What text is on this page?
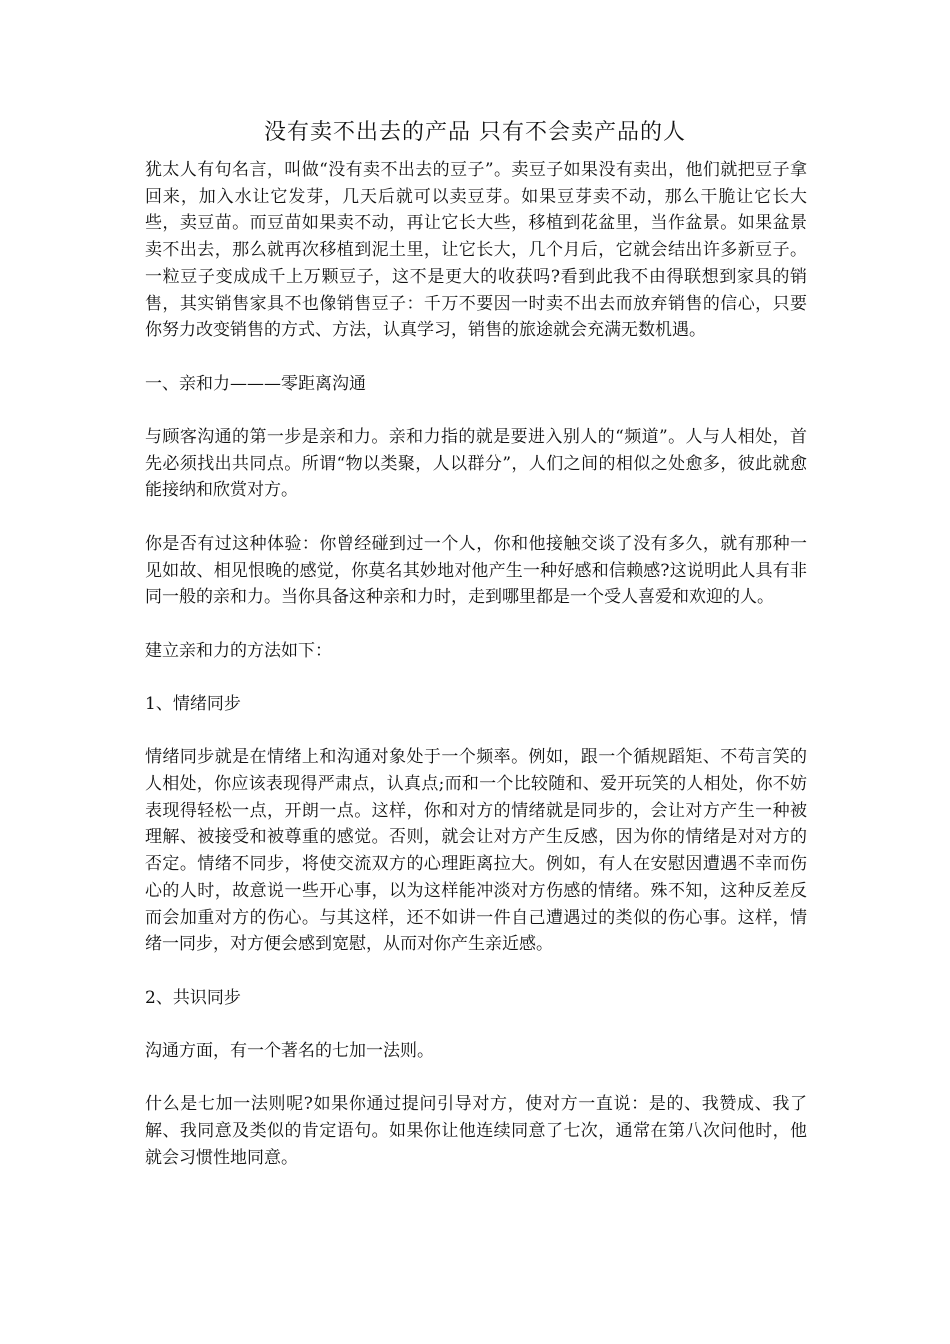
没有卖不出去的产品 只有不会卖产品的人

犹太人有句名言，叫做“没有卖不出去的豆子”。卖豆子如果没有卖出，他们就把豆子拿回来，加入水让它发芽，几天后就可以卖豆芽。如果豆芽卖不动，那么干脆让它长大些，卖豆苗。而豆苗如果卖不动，再让它长大些，移植到花盆里，当作盆景。如果盆景卖不出去，那么就再次移植到泥土里，让它长大，几个月后，它就会结出许多新豆子。一粒豆子变成成千上万颗豆子，这不是更大的收获吗?看到此我不由得联想到家具的销售，其实销售家具不也像销售豆子：千万不要因一时卖不出去而放弃销售的信心，只要你努力改变销售的方式、方法，认真学习，销售的旅途就会充满无数机遇。

一、亲和力———零距离沟通

与顾客沟通的第一步是亲和力。亲和力指的就是要进入别人的“频道”。人与人相处，首先必须找出共同点。所谓“物以类聚，人以群分”，人们之间的相似之处愈多，彼此就愈能接纳和欣赏对方。

你是否有过这种体验：你曾经碰到过一个人，你和他接触交谈了没有多久，就有那种一见如故、相见恨晚的感觉，你莫名其妙地对他产生一种好感和信赖感?这说明此人具有非同一般的亲和力。当你具备这种亲和力时，走到哪里都是一个受人喜爱和欢迎的人。

建立亲和力的方法如下：

1、情绪同步

情绪同步就是在情绪上和沟通对象处于一个频率。例如，跟一个循规蹈矩、不苟言笑的人相处，你应该表现得严肃点，认真点;而和一个比较随和、爱开玩笑的人相处，你不妨表现得轻松一点，开朗一点。这样，你和对方的情绪就是同步的，会让对方产生一种被理解、被接受和被尊重的感觉。否则，就会让对方产生反感，因为你的情绪是对对方的否定。情绪不同步，将使交流双方的心理距离拉大。例如，有人在安慰因遭遇不幸而伤心的人时，故意说一些开心事，以为这样能冲淡对方伤感的情绪。殊不知，这种反差反而会加重对方的伤心。与其这样，还不如讲一件自己遭遇过的类似的伤心事。这样，情绪一同步，对方便会感到宽慰，从而对你产生亲近感。

2、共识同步

沟通方面，有一个著名的七加一法则。

什么是七加一法则呢?如果你通过提问引导对方，使对方一直说：是的、我赞成、我了解、我同意及类似的肯定语句。如果你让他连续同意了七次，通常在第八次问他时，他就会习惯性地同意。
